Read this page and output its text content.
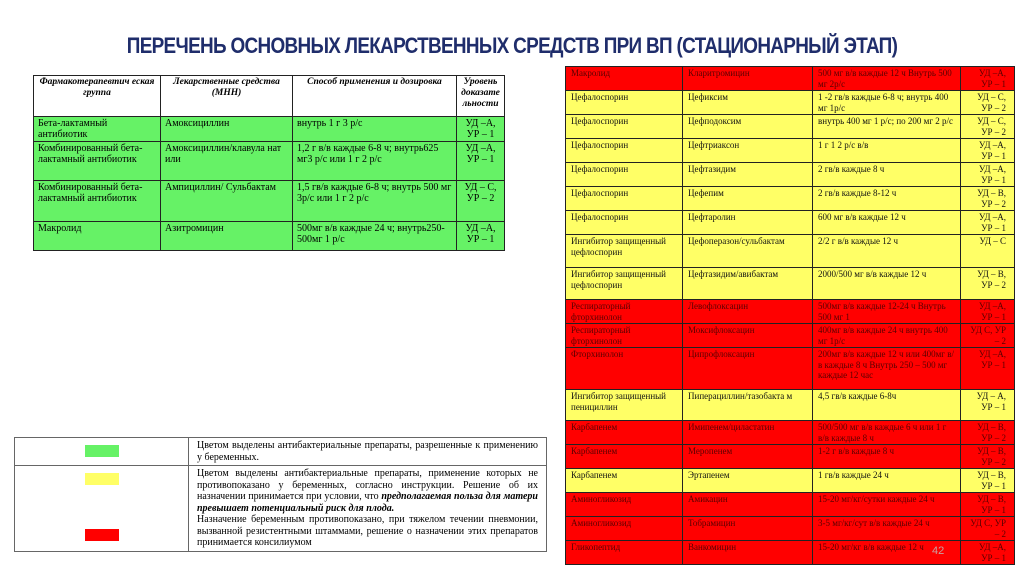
ПЕРЕЧЕНЬ ОСНОВНЫХ ЛЕКАРСТВЕННЫХ СРЕДСТВ ПРИ ВП (СТАЦИОНАРНЫЙ ЭТАП)
Фармакотерапевтич еская группа	Лекарственные средства (МНН)	Способ применения и дозировка	Уровень доказате льносmu
Бета-лактамный антибиотик	Амоксициллин	внутрь 1 г 3 р/с	УД –А, УР – 1
Комбинированный бета-лактамный антибиотик	Амоксициллин/клавула нат или	1,2 г в/в каждые 6-8 ч; внутрь625 мг3 р/с или 1 г 2 р/с	УД –А, УР – 1
Комбинированный бета-лактамный антибиотик	Ампициллин/ Сульбактам	1,5 гв/в каждые 6-8 ч; внутрь 500 мг 3р/с или 1 г 2 р/с	УД – С, УР – 2
Макролид	Азитромицин	500мг в/в каждые 24 ч; внутрь250-500мг 1 р/с	УД –А, УР – 1
Макролид	Кларитромицин	500 мг в/в каждые 12 ч Внутрь 500 мг 2р/с	УД –А, УР – 1
Цефалоспорин	Цефиксим	1 -2 гв/в каждые 6-8 ч; внутрь 400 мг 1р/с	УД – С, УР – 2
Цефалоспорин	Цефподоксим	внутрь 400 мг 1 р/с; по 200 мг 2 р/с	УД – С, УР – 2
Цефалоспорин	Цефтриаксон	1 г 1 2 р/с в/в	УД –А, УР – 1
Цефалоспорин	Цефтазидим	2 гв/в каждые 8 ч	УД –А, УР – 1
Цефалоспорин	Цефепим	2 гв/в каждые 8-12 ч	УД – В, УР – 2
Цефалоспорин	Цефтаролин	600 мг в/в каждые 12 ч	УД –А, УР – 1
Ингибитор защищенный цефлоспорин	Цефоперазон/сульбактам	2/2 г в/в каждые 12 ч	УД – С
Ингибитор защищенный цефлоспорин	Цефтазидим/авибактам	2000/500 мг в/в каждые 12 ч	УД – В, УР – 2
Респираторный фторхинолон	Левофлоксацин	500мг в/в каждые 12-24 ч Внутрь 500 мг 1	УД –А, УР – 1
Респираторный фторхинолон	Моксифлоксацин	400мг в/в каждые 24 ч внутрь 400 мг 1р/с	УД С, УР – 2
Фторхинолон	Ципрофлоксацин	200мг в/в каждые 12 ч или 400мг в/в каждые 8 ч Внутрь 250 – 500 мг каждые 12 час	УД –А, УР – 1
Ингибитор защищенный пенициллин	Пиперациллин/тазобакта м	4,5 гв/в каждые 6-8ч	УД – А, УР – 1
Карбапенем	Имипенем/циластатин	500/500 мг в/в каждые 6 ч или 1 г в/в каждые 8 ч	УД – В, УР – 2
Карбапенем	Меропенем	1-2 г в/в каждые 8 ч	УД – В, УР – 2
Карбапенем	Эртапенем	1 гв/в каждые 24 ч	УД – В, УР – 1
Аминогликозид	Амикацин	15-20 мг/кг/сутки каждые 24 ч	УД – В, УР – 1
Аминогликозид	Тобрамицин	3-5 мг/кг/сут в/в каждые 24 ч	УД С, УР – 2
Гликопептид	Ванкомицин	15-20 мг/кг в/в каждые 12 ч	УД –А, УР – 1
	Цветом выделены антибактериальные препараты, разрешенные к применению у беременных.

	Цветом выделены антибактериальные препараты, применение которых не противопоказано у беременных, согласно инструкции. Решение об их назначении принимается при условии, что предполагаемая польза для матери превышает потенциальный риск для плода.
Назначение беременным противопоказано, при тяжелом течении пневмонии, вызванной резистентными штаммами, решение о назначении этих препаратов принимается консилиумом
42
